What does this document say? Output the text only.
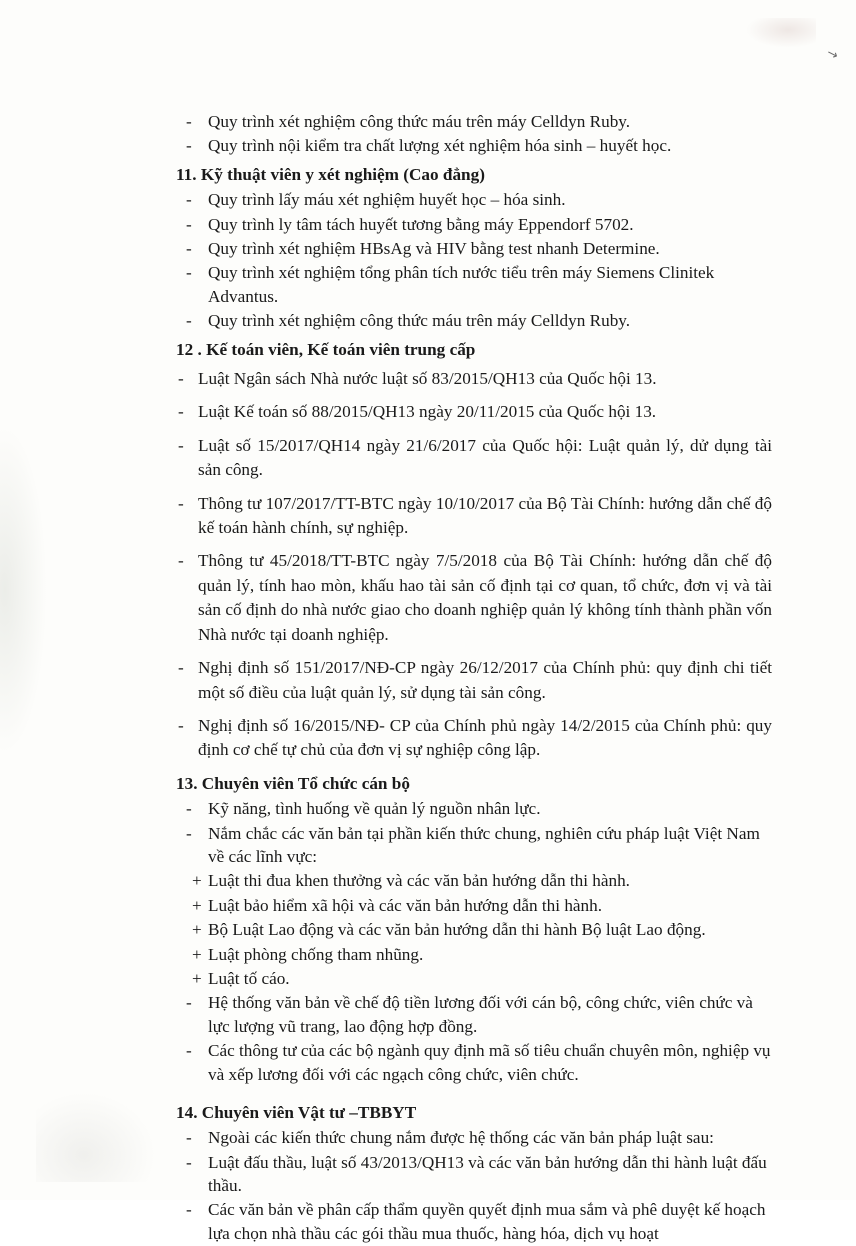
↘
- Quy trình xét nghiệm công thức máu trên máy Celldyn Ruby.
- Quy trình nội kiểm tra chất lượng xét nghiệm hóa sinh – huyết học.
11. Kỹ thuật viên y xét nghiệm (Cao đẳng)
- Quy trình lấy máu xét nghiệm huyết học – hóa sinh.
- Quy trình ly tâm tách huyết tương bằng máy Eppendorf 5702.
- Quy trình xét nghiệm HBsAg và HIV bằng test nhanh Determine.
- Quy trình xét nghiệm tổng phân tích nước tiểu trên máy Siemens Clinitek Advantus.
- Quy trình xét nghiệm công thức máu trên máy Celldyn Ruby.
12 . Kế toán viên, Kế toán viên trung cấp
- Luật Ngân sách Nhà nước luật số 83/2015/QH13 của Quốc hội 13.
- Luật Kế toán số 88/2015/QH13 ngày 20/11/2015 của Quốc hội 13.
- Luật số 15/2017/QH14 ngày 21/6/2017 của Quốc hội: Luật quản lý, dử dụng tài sản công.
- Thông tư 107/2017/TT-BTC ngày 10/10/2017 của Bộ Tài Chính: hướng dẫn chế độ kế toán hành chính, sự nghiệp.
- Thông tư 45/2018/TT-BTC ngày 7/5/2018 của Bộ Tài Chính: hướng dẫn chế độ quản lý, tính hao mòn, khấu hao tài sản cố định tại cơ quan, tổ chức, đơn vị và tài sản cố định do nhà nước giao cho doanh nghiệp quản lý không tính thành phần vốn Nhà nước tại doanh nghiệp.
- Nghị định số 151/2017/NĐ-CP ngày 26/12/2017 của Chính phủ: quy định chi tiết một số điều của luật quản lý, sử dụng tài sản công.
- Nghị định số 16/2015/NĐ- CP của Chính phủ ngày 14/2/2015 của Chính phủ: quy định cơ chế tự chủ của đơn vị sự nghiệp công lập.
13. Chuyên viên Tổ chức cán bộ
- Kỹ năng, tình huống về quản lý nguồn nhân lực.
- Nắm chắc các văn bản tại phần kiến thức chung, nghiên cứu pháp luật Việt Nam về các lĩnh vực:
+ Luật thi đua khen thưởng và các văn bản hướng dẫn thi hành.
+ Luật bảo hiểm xã hội và các văn bản hướng dẫn thi hành.
+ Bộ Luật Lao động và các văn bản hướng dẫn thi hành Bộ luật Lao động.
+ Luật phòng chống tham nhũng.
+ Luật tố cáo.
- Hệ thống văn bản về chế độ tiền lương đối với cán bộ, công chức, viên chức và lực lượng vũ trang, lao động hợp đồng.
- Các thông tư của các bộ ngành quy định mã số tiêu chuẩn chuyên môn, nghiệp vụ và xếp lương đối với các ngạch công chức, viên chức.
14. Chuyên viên Vật tư –TBBYT
- Ngoài các kiến thức chung nắm được hệ thống các văn bản pháp luật sau:
- Luật đấu thầu, luật số 43/2013/QH13 và các văn bản hướng dẫn thi hành luật đấu thầu.
- Các văn bản về phân cấp thẩm quyền quyết định mua sắm và phê duyệt kế hoạch lựa chọn nhà thầu các gói thầu mua thuốc, hàng hóa, dịch vụ hoạt
